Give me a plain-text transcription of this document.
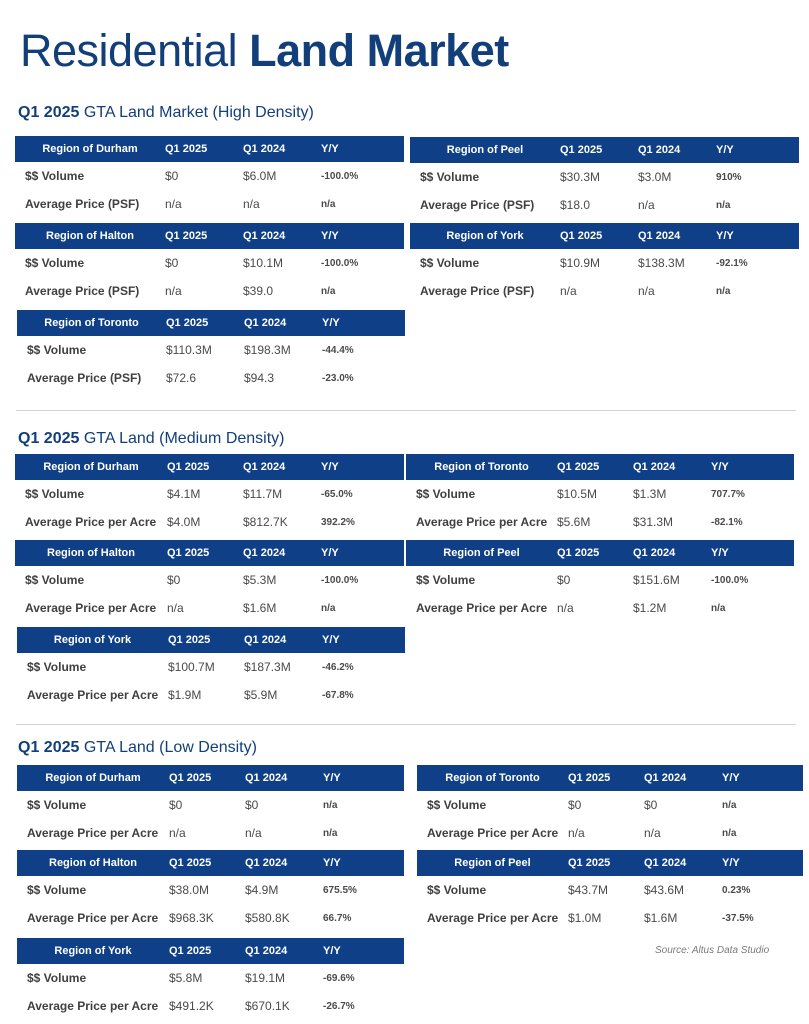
Residential Land Market
Q1 2025 GTA Land Market (High Density)
Region of Durham	Q1 2025	Q1 2024	Y/Y
$$ Volume	$0	$6.0M	-100.0%
Average Price (PSF)	n/a	n/a	n/a
Region of Peel	Q1 2025	Q1 2024	Y/Y
$$ Volume	$30.3M	$3.0M	910%
Average Price (PSF)	$18.0	n/a	n/a
Region of Halton	Q1 2025	Q1 2024	Y/Y
$$ Volume	$0	$10.1M	-100.0%
Average Price (PSF)	n/a	$39.0	n/a
Region of York	Q1 2025	Q1 2024	Y/Y
$$ Volume	$10.9M	$138.3M	-92.1%
Average Price (PSF)	n/a	n/a	n/a
Region of Toronto	Q1 2025	Q1 2024	Y/Y
$$ Volume	$110.3M	$198.3M	-44.4%
Average Price (PSF)	$72.6	$94.3	-23.0%
Q1 2025 GTA Land (Medium Density)
Region of Durham	Q1 2025	Q1 2024	Y/Y
$$ Volume	$4.1M	$11.7M	-65.0%
Average Price per Acre	$4.0M	$812.7K	392.2%
Region of Toronto	Q1 2025	Q1 2024	Y/Y
$$ Volume	$10.5M	$1.3M	707.7%
Average Price per Acre	$5.6M	$31.3M	-82.1%
Region of Halton	Q1 2025	Q1 2024	Y/Y
$$ Volume	$0	$5.3M	-100.0%
Average Price per Acre	n/a	$1.6M	n/a
Region of Peel	Q1 2025	Q1 2024	Y/Y
$$ Volume	$0	$151.6M	-100.0%
Average Price per Acre	n/a	$1.2M	n/a
Region of York	Q1 2025	Q1 2024	Y/Y
$$ Volume	$100.7M	$187.3M	-46.2%
Average Price per Acre	$1.9M	$5.9M	-67.8%
Q1 2025 GTA Land (Low Density)
Region of Durham	Q1 2025	Q1 2024	Y/Y
$$ Volume	$0	$0	n/a
Average Price per Acre	n/a	n/a	n/a
Region of Toronto	Q1 2025	Q1 2024	Y/Y
$$ Volume	$0	$0	n/a
Average Price per Acre	n/a	n/a	n/a
Region of Halton	Q1 2025	Q1 2024	Y/Y
$$ Volume	$38.0M	$4.9M	675.5%
Average Price per Acre	$968.3K	$580.8K	66.7%
Region of Peel	Q1 2025	Q1 2024	Y/Y
$$ Volume	$43.7M	$43.6M	0.23%
Average Price per Acre	$1.0M	$1.6M	-37.5%
Region of York	Q1 2025	Q1 2024	Y/Y
$$ Volume	$5.8M	$19.1M	-69.6%
Average Price per Acre	$491.2K	$670.1K	-26.7%
Source: Altus Data Studio
